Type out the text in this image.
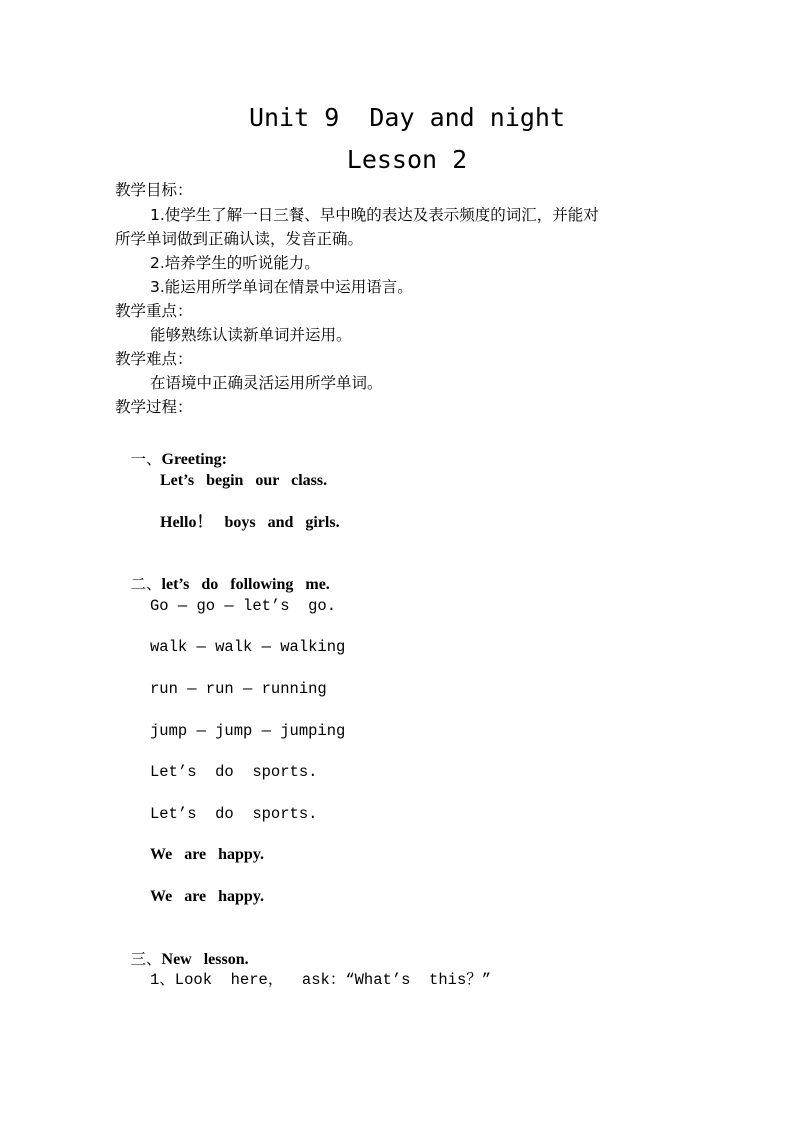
Unit 9  Day and night
Lesson 2
教学目标：
1.使学生了解一日三餐、早中晚的表达及表示频度的词汇，并能对
所学单词做到正确认读，发音正确。
2.培养学生的听说能力。
3.能运用所学单词在情景中运用语言。
教学重点：
能够熟练认读新单词并运用。
教学难点：
在语境中正确灵活运用所学单词。
教学过程：

一、Greeting:

Let’s   begin   our   class.
Hello！   boys   and   girls.

二、let’s   do   following   me.

Go — go — let’s  go.
walk — walk — walking
run — run — running
jump — jump — jumping
Let’s  do  sports.
Let’s  do  sports.
We   are   happy.
We   are   happy.

三、New   lesson.

1、Look  here，  ask：“What’s  this？”
